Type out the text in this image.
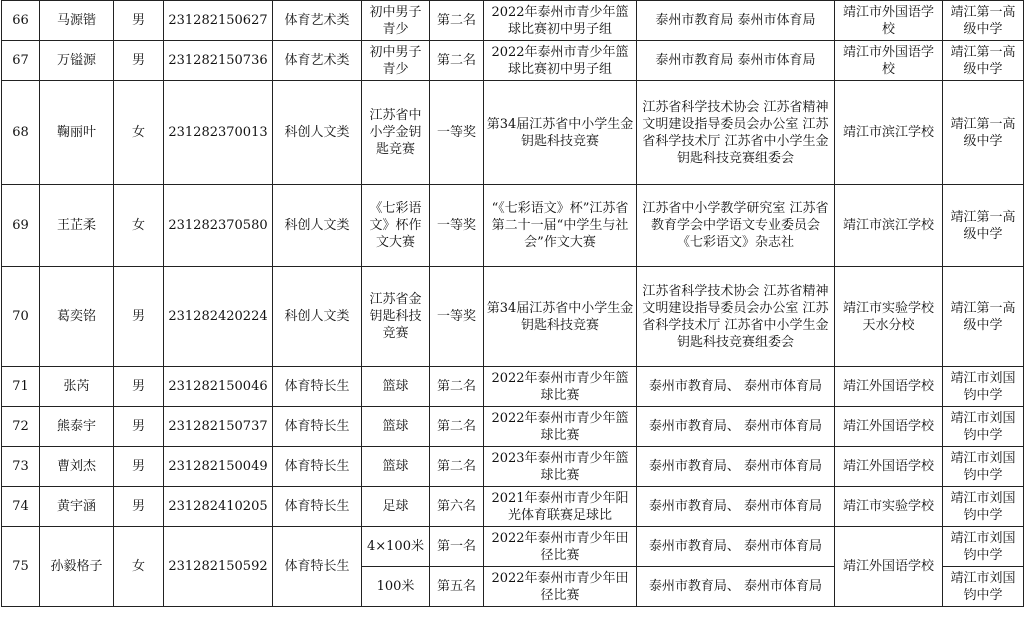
66	马源锴	男	231282150627	体育艺术类	初中男子青少	第二名	2022年泰州市青少年篮球比赛初中男子组	泰州市教育局 泰州市体育局	靖江市外国语学校	靖江第一高级中学
67	万镒源	男	231282150736	体育艺术类	初中男子青少	第二名	2022年泰州市青少年篮球比赛初中男子组	泰州市教育局 泰州市体育局	靖江市外国语学校	靖江第一高级中学
68	鞠丽叶	女	231282370013	科创人文类	江苏省中小学金钥匙竞赛	一等奖	第34届江苏省中小学生金钥匙科技竞赛	江苏省科学技术协会 江苏省精神文明建设指导委员会办公室 江苏省科学技术厅 江苏省中小学生金钥匙科技竞赛组委会	靖江市滨江学校	靖江第一高级中学
69	王芷柔	女	231282370580	科创人文类	《七彩语文》杯作文大赛	一等奖	“《七彩语文》杯”江苏省第二十一届“中学生与社会”作文大赛	江苏省中小学教学研究室 江苏省教育学会中学语文专业委员会 《七彩语文》杂志社	靖江市滨江学校	靖江第一高级中学
70	葛奕铭	男	231282420224	科创人文类	江苏省金钥匙科技竞赛	一等奖	第34届江苏省中小学生金钥匙科技竞赛	江苏省科学技术协会 江苏省精神文明建设指导委员会办公室 江苏省科学技术厅 江苏省中小学生金钥匙科技竞赛组委会	靖江市实验学校天水分校	靖江第一高级中学
71	张芮	男	231282150046	体育特长生	篮球	第二名	2022年泰州市青少年篮球比赛	泰州市教育局、 泰州市体育局	靖江外国语学校	靖江市刘国钧中学
72	熊泰宇	男	231282150737	体育特长生	篮球	第二名	2022年泰州市青少年篮球比赛	泰州市教育局、 泰州市体育局	靖江外国语学校	靖江市刘国钧中学
73	曹刘杰	男	231282150049	体育特长生	篮球	第二名	2023年泰州市青少年篮球比赛	泰州市教育局、 泰州市体育局	靖江外国语学校	靖江市刘国钧中学
74	黄宇涵	男	231282410205	体育特长生	足球	第六名	2021年泰州市青少年阳光体育联赛足球比	泰州市教育局、 泰州市体育局	靖江市实验学校	靖江市刘国钧中学
75	孙毅格子	女	231282150592	体育特长生	4×100米	第一名	2022年泰州市青少年田径比赛	泰州市教育局、 泰州市体育局	靖江外国语学校	靖江市刘国钧中学
					100米	第五名	2022年泰州市青少年田径比赛	泰州市教育局、 泰州市体育局		靖江市刘国钧中学
